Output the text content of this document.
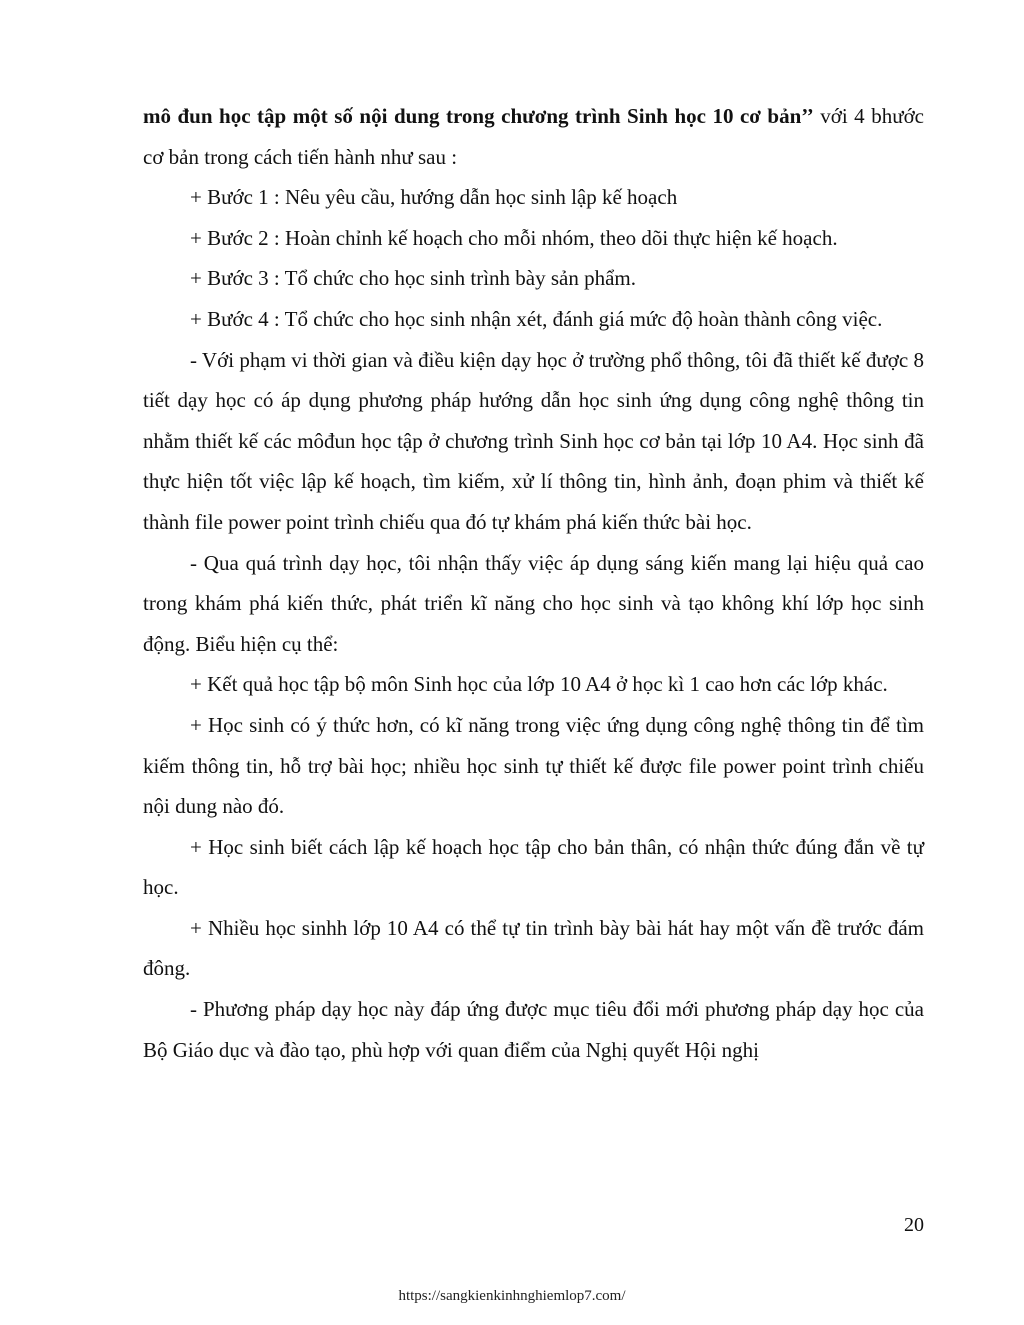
mô đun học tập một số nội dung trong chương trình Sinh học 10 cơ bản’’ với 4 bhước cơ bản trong cách tiến hành như sau :

+ Bước 1 : Nêu yêu cầu, hướng dẫn học sinh lập kế hoạch

+ Bước 2 : Hoàn chỉnh kế hoạch cho mỗi nhóm, theo dõi thực hiện kế hoạch.

+ Bước 3 : Tổ chức cho học sinh trình bày sản phẩm.

+ Bước 4 : Tổ chức cho học sinh nhận xét, đánh giá mức độ hoàn thành công việc.

- Với phạm vi thời gian và điều kiện dạy học ở trường phổ thông, tôi đã thiết kế được 8 tiết dạy học có áp dụng phương pháp hướng dẫn học sinh ứng dụng công nghệ thông tin nhằm thiết kế các môđun học tập ở chương trình Sinh học cơ bản tại lớp 10 A4. Học sinh đã thực hiện tốt việc lập kế hoạch, tìm kiếm, xử lí thông tin, hình ảnh, đoạn phim và thiết kế thành file power point trình chiếu qua đó tự khám phá kiến thức bài học.

- Qua quá trình dạy học, tôi nhận thấy việc áp dụng sáng kiến mang lại hiệu quả cao trong khám phá kiến thức, phát triển kĩ năng cho học sinh và tạo không khí lớp học sinh động. Biểu hiện cụ thể:

+ Kết quả học tập bộ môn Sinh học của lớp 10 A4 ở học kì 1 cao hơn các lớp khác.

+ Học sinh có ý thức hơn, có kĩ năng trong việc ứng dụng công nghệ thông tin để tìm kiếm thông tin, hỗ trợ bài học; nhiều học sinh tự thiết kế được file power point trình chiếu nội dung nào đó.

+ Học sinh biết cách lập kế hoạch học tập cho bản thân, có nhận thức đúng đắn về tự học.

+ Nhiều học sinhh lớp 10 A4 có thể tự tin trình bày bài hát hay một vấn đề trước đám đông.

- Phương pháp dạy học này đáp ứng được mục tiêu đổi mới phương pháp dạy học của Bộ Giáo dục và đào tạo, phù hợp với quan điểm của Nghị quyết Hội nghị

20
https://sangkienkinhnghiemlop7.com/
